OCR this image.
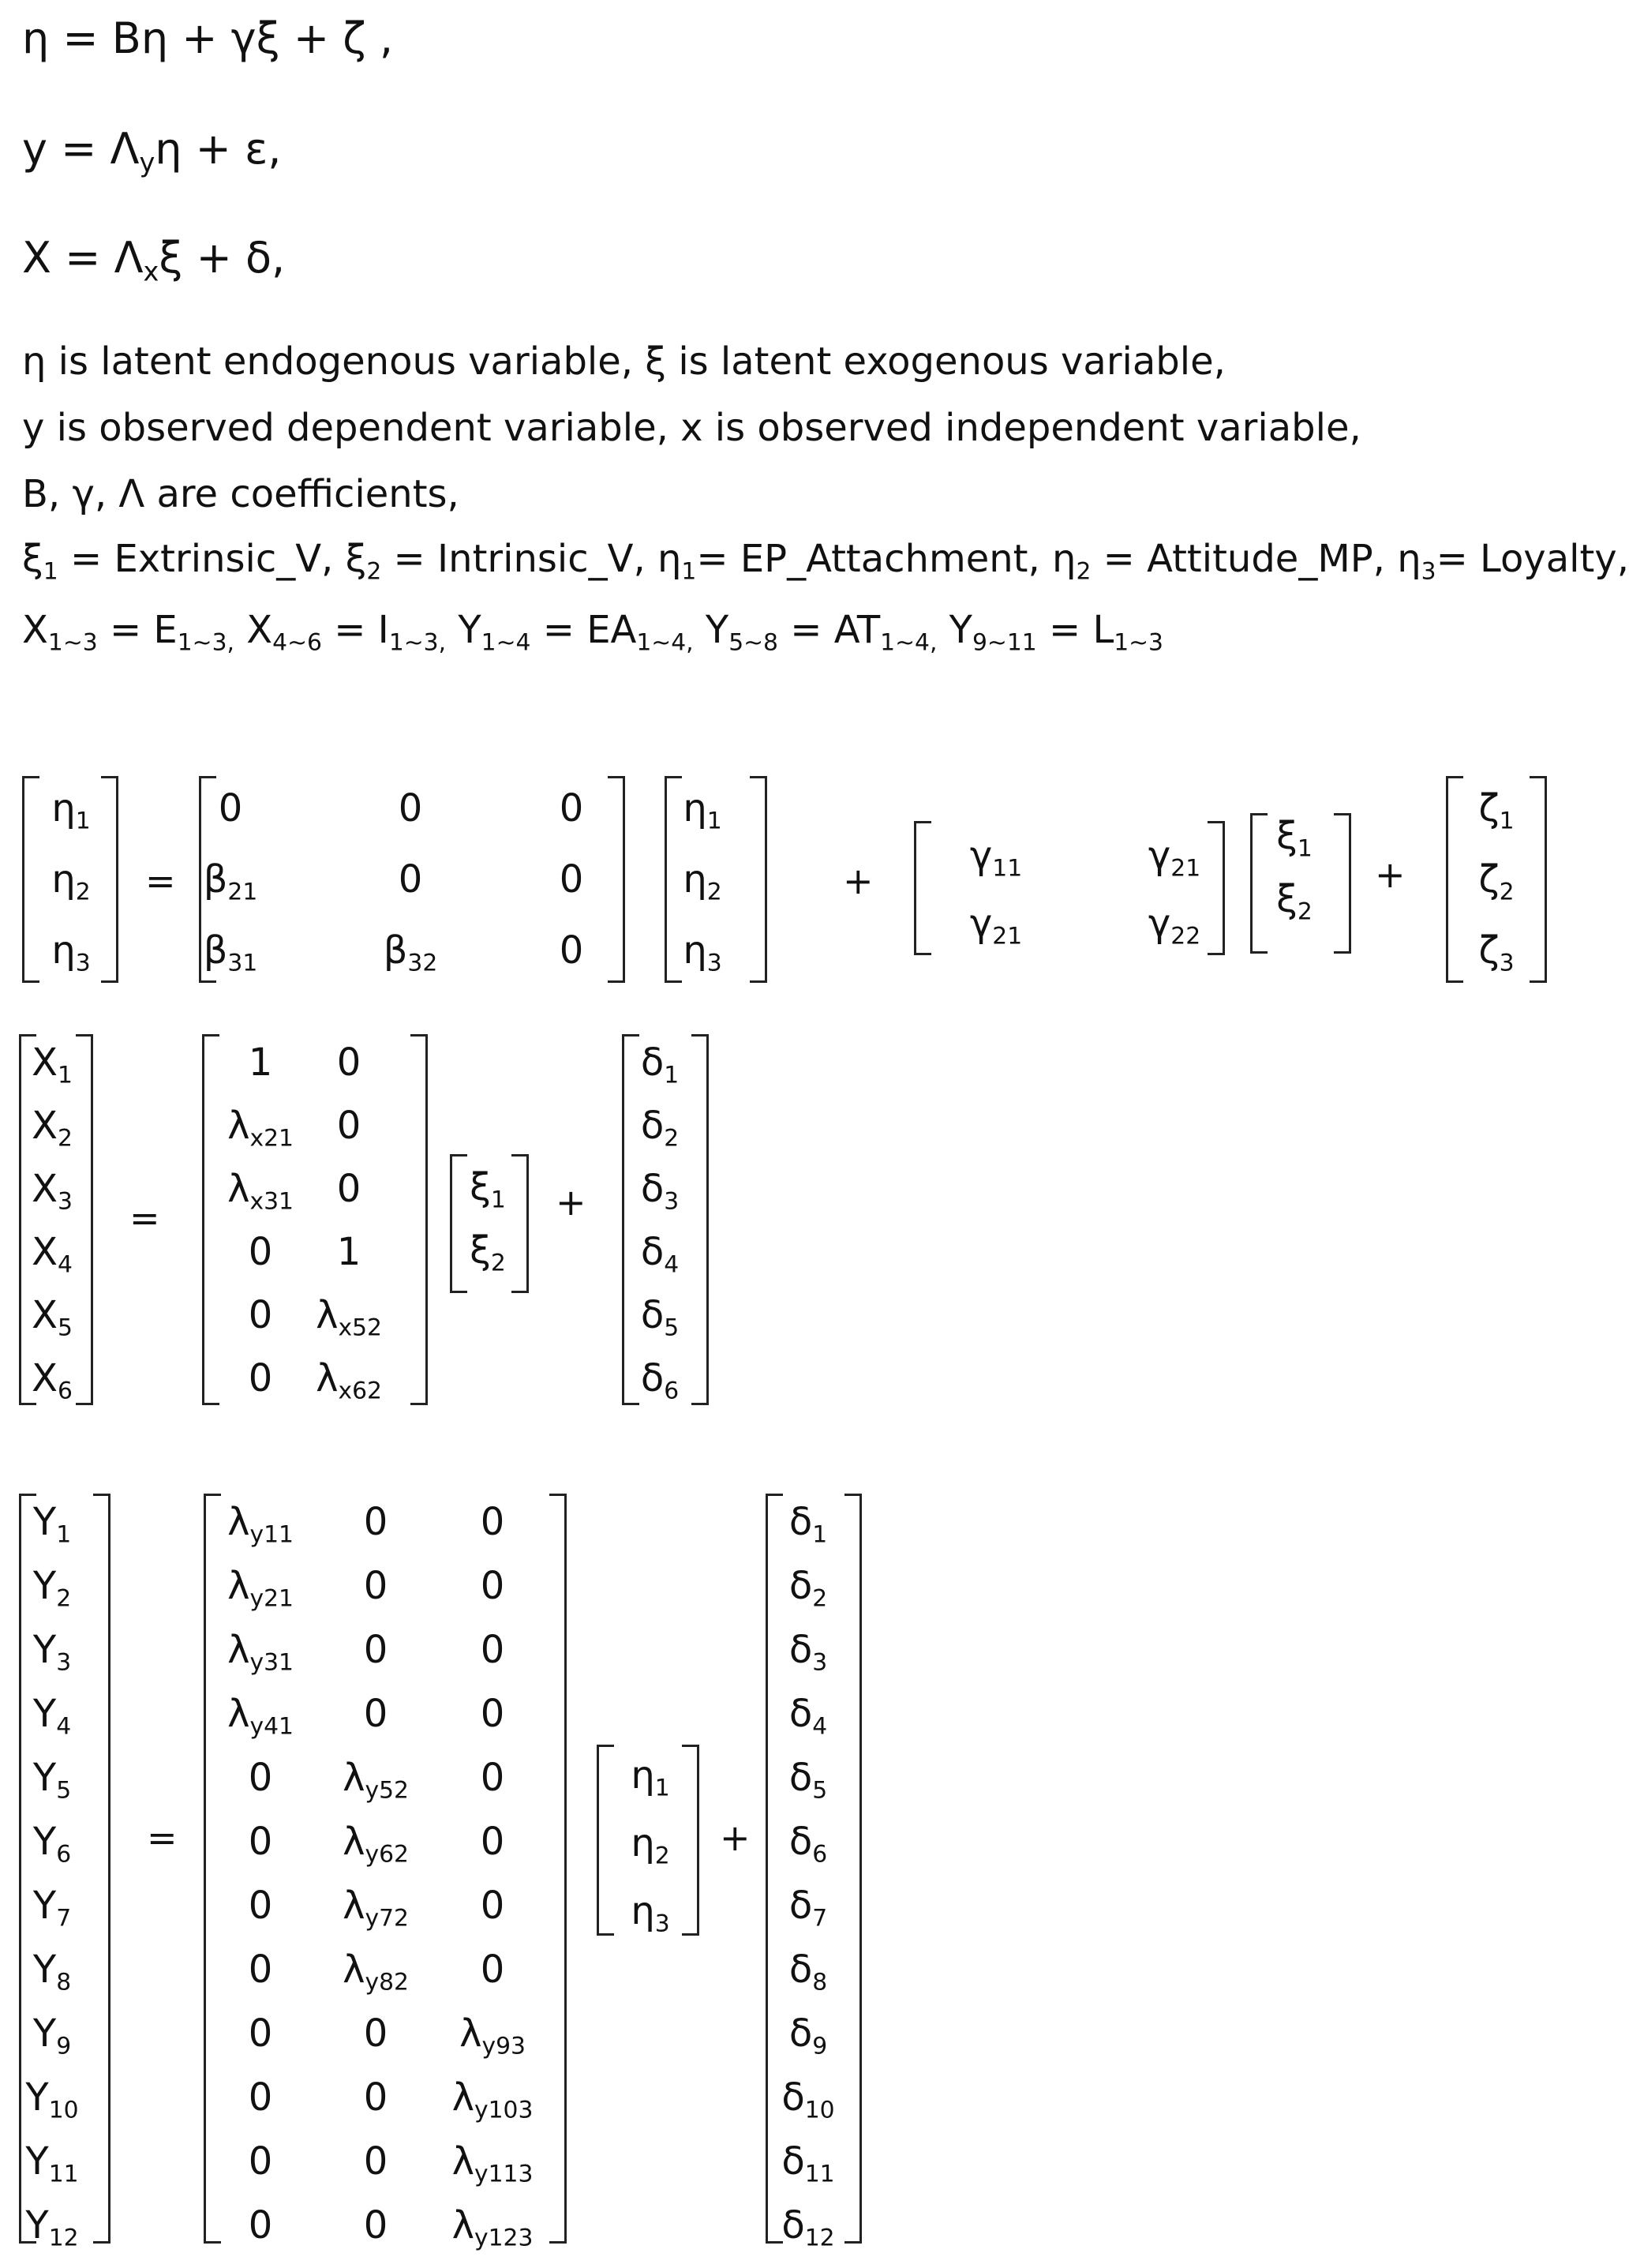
η = Bη + γξ + ζ ,
$y = \Lambda_y\eta + \varepsilon$,
$X = \Lambda_x\xi + \delta$,
η is latent endogenous variable, ξ is latent exogenous variable,
y is observed dependent variable, x is observed independent variable,
B, γ, Λ are coefficients,
$\xi_1$ = Extrinsic_V, $\xi_2$ = Intrinsic_V, $\eta_1=$ EP_Attachment, $\eta_2$ = Attitude_MP, $\eta_3=$ Loyalty,
$X_{1\sim 3} = E_{1\sim 3,}$ $X_{4\sim 6} = I_{1\sim 3,}$ $Y_{1\sim 4} = EA_{1\sim 4,}$ $Y_{5\sim 8} = AT_{1\sim 4,}$ $Y_{9\sim 11} = L_{1\sim 3}$
$\eta_1$
$\eta_2$
$\eta_3$
=
0	0	0
$\beta_{21}$	0	0
$\beta_{31}$	$\beta_{32}$	0
$\eta_1$
$\eta_2$
$\eta_3$
+
$\gamma_{11}$	$\gamma_{21}$
$\gamma_{21}$	$\gamma_{22}$
$\xi_1$
$\xi_2$
+
$\zeta_1$
$\zeta_2$
$\zeta_3$
$X_1$
$X_2$
$X_3$
$X_4$
$X_5$
$X_6$
=
1 0
$\lambda_{x21}$ 0
$\lambda_{x31}$ 0
0 1
0 $\lambda_{x52}$
0 $\lambda_{x62}$
$\xi_1$
$\xi_2$
+
$\delta_1$
$\delta_2$
$\delta_3$
$\delta_4$
$\delta_5$
$\delta_6$
$Y_1$
$Y_2$
$Y_3$
$Y_4$
$Y_5$
$Y_6$
$Y_7$
$Y_8$
$Y_9$
$Y_{10}$
$Y_{11}$
$Y_{12}$
=
$\lambda_{y11}$ 0 0
$\lambda_{y21}$ 0 0
$\lambda_{y31}$ 0 0
$\lambda_{y41}$ 0 0
0 $\lambda_{y52}$ 0
0 $\lambda_{y62}$ 0
0 $\lambda_{y72}$ 0
0 $\lambda_{y82}$ 0
0 0 $\lambda_{y93}$
0 0 $\lambda_{y103}$
0 0 $\lambda_{y113}$
0 0 $\lambda_{y123}$
$\eta_1$
$\eta_2$
$\eta_3$
+
$\delta_1$
$\delta_2$
$\delta_3$
$\delta_4$
$\delta_5$
$\delta_6$
$\delta_7$
$\delta_8$
$\delta_9$
$\delta_{10}$
$\delta_{11}$
$\delta_{12}$
